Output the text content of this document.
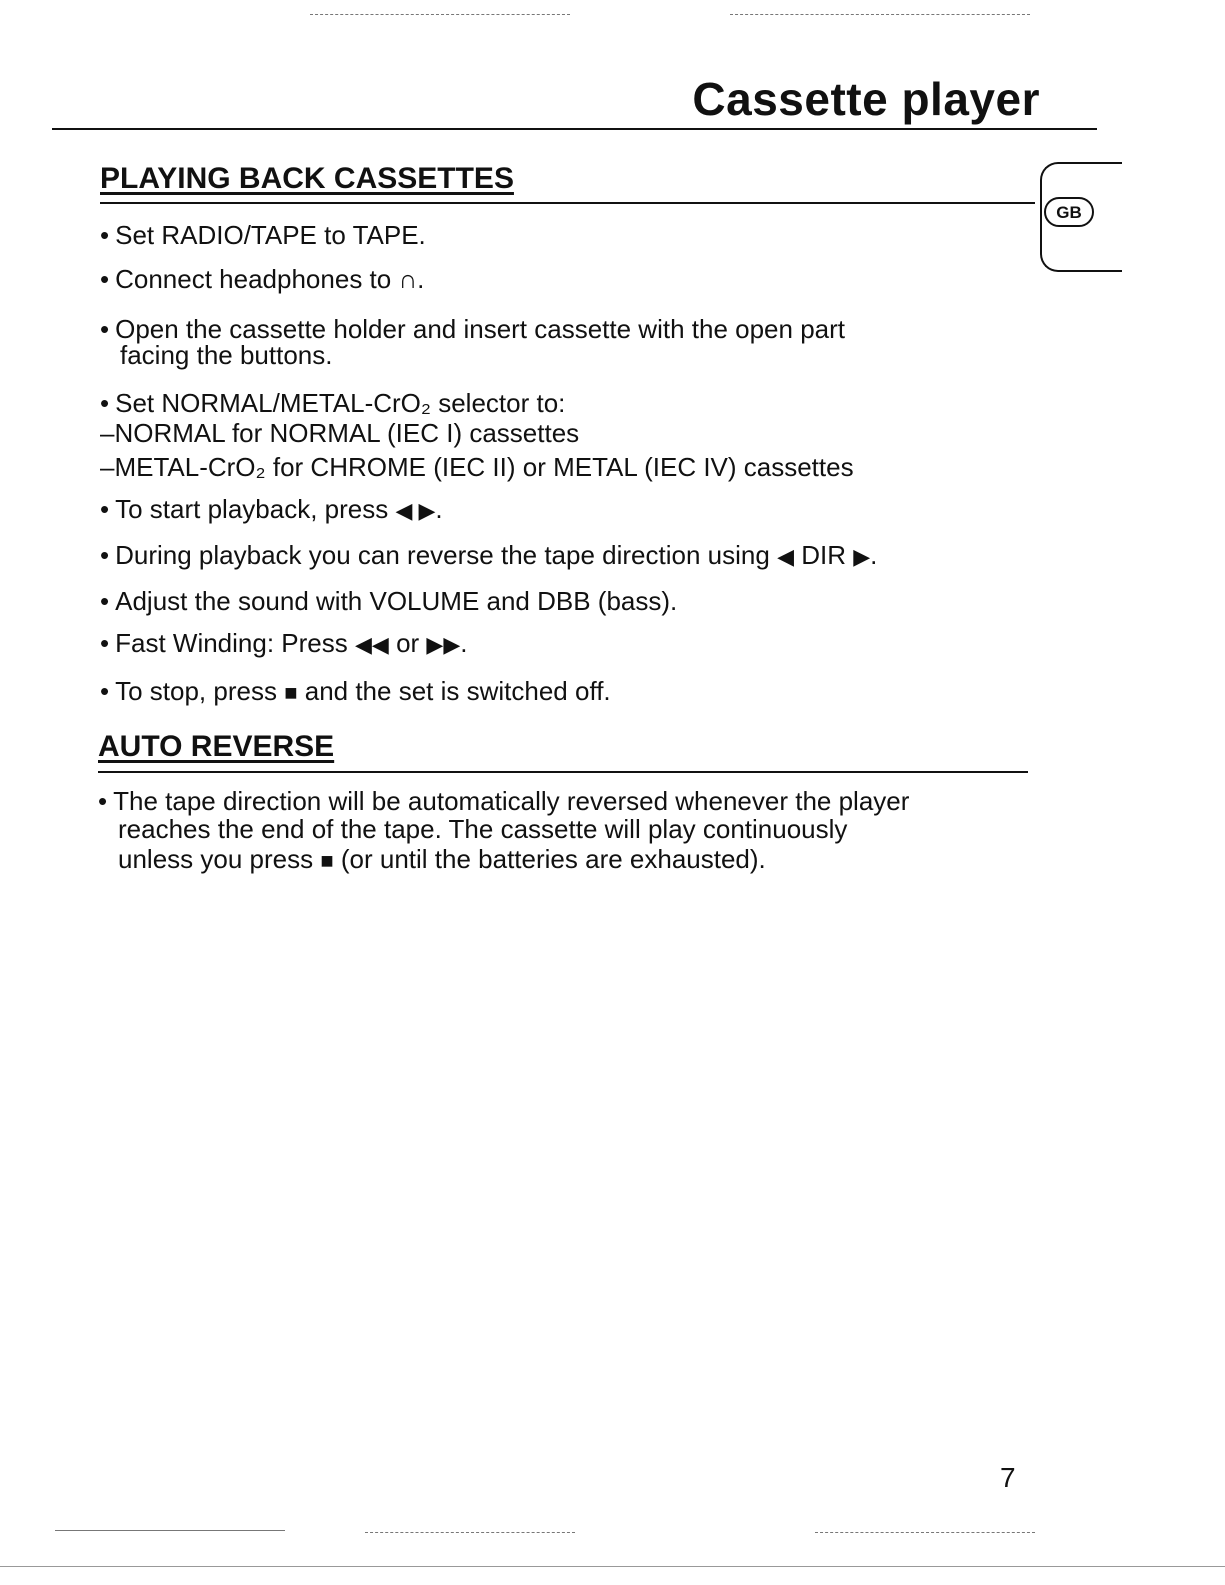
Cassette player
GB
PLAYING BACK CASSETTES

• Set RADIO/TAPE to TAPE.

• Connect headphones to ∩.

• Open the cassette holder and insert cassette with the open part

facing the buttons.

• Set NORMAL/METAL-CrO₂ selector to:

–NORMAL for NORMAL (IEC I) cassettes

–METAL-CrO₂ for CHROME (IEC II) or METAL (IEC IV) cassettes

• To start playback, press ◀ ▶.

• During playback you can reverse the tape direction using ◀ DIR ▶.

• Adjust the sound with VOLUME and DBB (bass).

• Fast Winding: Press ◀◀ or ▶▶.

• To stop, press ■ and the set is switched off.

AUTO REVERSE

• The tape direction will be automatically reversed whenever the player

reaches the end of the tape. The cassette will play continuously

unless you press ■ (or until the batteries are exhausted).

7
